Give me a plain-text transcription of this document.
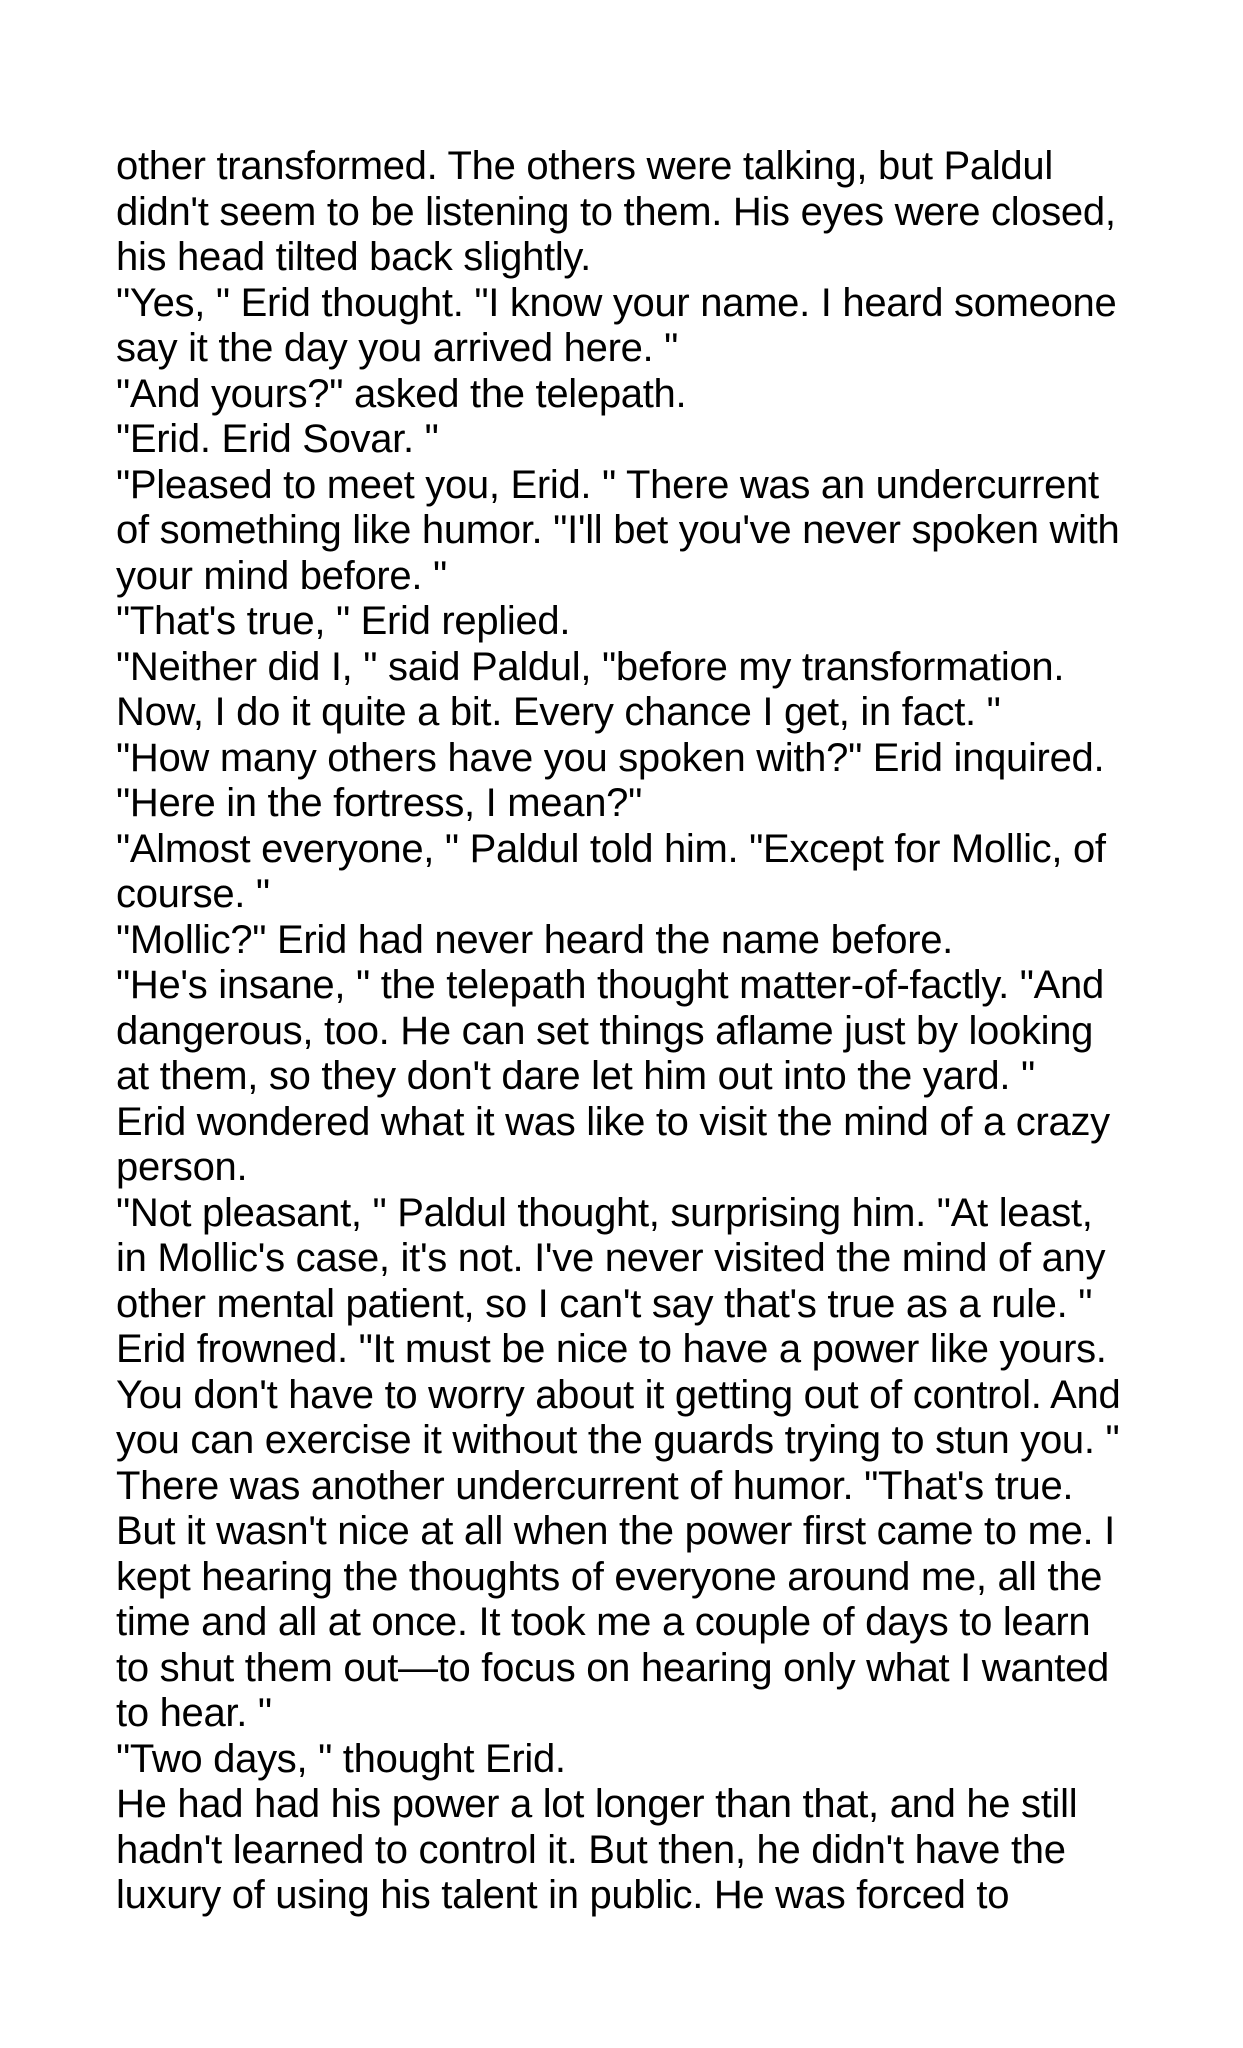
other transformed. The others were talking, but Paldul
didn't seem to be listening to them. His eyes were closed,
his head tilted back slightly.
"Yes, " Erid thought. "I know your name. I heard someone
say it the day you arrived here. "
"And yours?" asked the telepath.
"Erid. Erid Sovar. "
"Pleased to meet you, Erid. " There was an undercurrent
of something like humor. "I'll bet you've never spoken with
your mind before. "
"That's true, " Erid replied.
"Neither did I, " said Paldul, "before my transformation.
Now, I do it quite a bit. Every chance I get, in fact. "
"How many others have you spoken with?" Erid inquired.
"Here in the fortress, I mean?"
"Almost everyone, " Paldul told him. "Except for Mollic, of
course. "
"Mollic?" Erid had never heard the name before.
"He's insane, " the telepath thought matter-of-factly. "And
dangerous, too. He can set things aflame just by looking
at them, so they don't dare let him out into the yard. "
Erid wondered what it was like to visit the mind of a crazy
person.
"Not pleasant, " Paldul thought, surprising him. "At least,
in Mollic's case, it's not. I've never visited the mind of any
other mental patient, so I can't say that's true as a rule. "
Erid frowned. "It must be nice to have a power like yours.
You don't have to worry about it getting out of control. And
you can exercise it without the guards trying to stun you. "
There was another undercurrent of humor. "That's true.
But it wasn't nice at all when the power first came to me. I
kept hearing the thoughts of everyone around me, all the
time and all at once. It took me a couple of days to learn
to shut them out—to focus on hearing only what I wanted
to hear. "
"Two days, " thought Erid.
He had had his power a lot longer than that, and he still
hadn't learned to control it. But then, he didn't have the
luxury of using his talent in public. He was forced to
